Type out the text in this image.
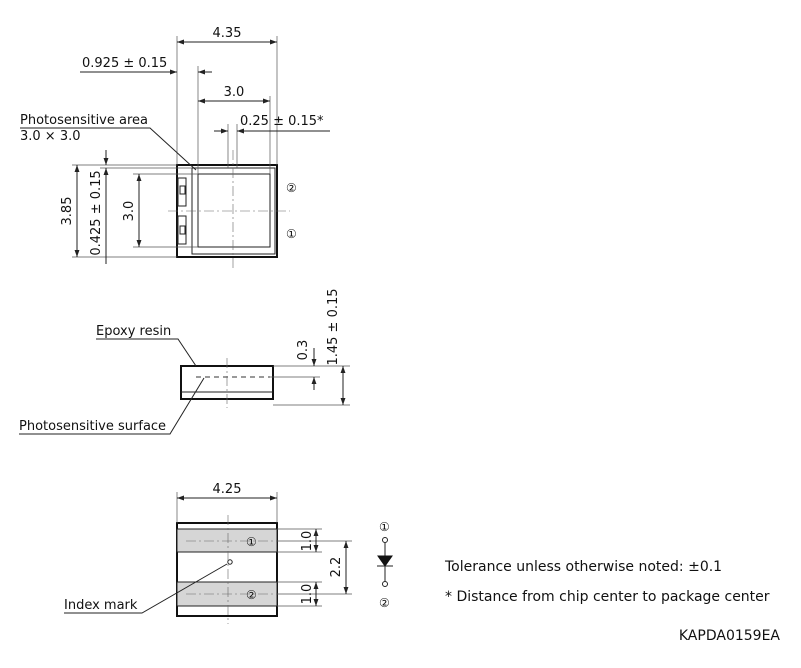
4.35
0.925 ± 0.15
3.0
0.25 ± 0.15*
Photosensitive area
3.0 × 3.0
3.85 0.425 ± 0.15 3.0
②
①
0.3 1.45 ± 0.15
Epoxy resin
Photosensitive surface
①
②
Index mark
4.25
1.0
1.0
2.2
①
②
Tolerance unless otherwise noted: ±0.1
* Distance from chip center to package center
KAPDA0159EA
